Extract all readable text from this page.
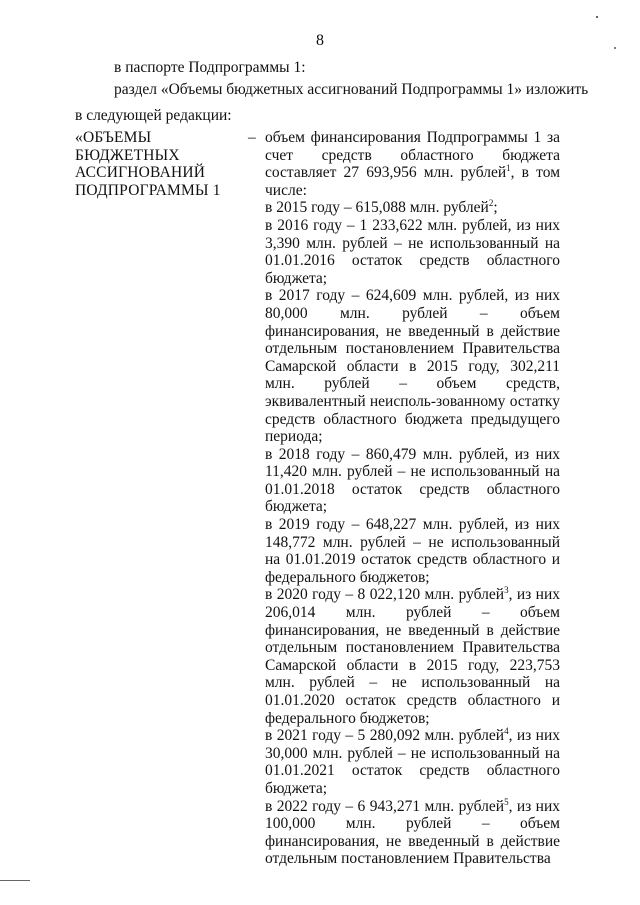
8
в паспорте Подпрограммы 1:
раздел «Объемы бюджетных ассигнований Подпрограммы 1» изложить
в следующей редакции:
«ОБЪЕМЫ БЮДЖЕТНЫХ АССИГНОВАНИЙ ПОДПРОГРАММЫ 1
– объем финансирования Подпрограммы 1 за счет средств областного бюджета составляет 27 693,956 млн. рублей$^1$, в том числе:

в 2015 году – 615,088 млн. рублей$^2$;

в 2016 году – 1 233,622 млн. рублей, из них 3,390 млн. рублей – не использованный на 01.01.2016 остаток средств областного бюджета;

в 2017 году – 624,609 млн. рублей, из них 80,000 млн. рублей – объем финансирования, не введенный в действие отдельным постановлением Правительства Самарской области в 2015 году, 302,211 млн. рублей – объем средств, эквивалентный неисполь-зованному остатку средств областного бюджета предыдущего периода;

в 2018 году – 860,479 млн. рублей, из них 11,420 млн. рублей – не использованный на 01.01.2018 остаток средств областного бюджета;

в 2019 году – 648,227 млн. рублей, из них 148,772 млн. рублей – не использованный на 01.01.2019 остаток средств областного и федерального бюджетов;

в 2020 году – 8 022,120 млн. рублей$^3$, из них 206,014 млн. рублей – объем финансирования, не введенный в действие отдельным постановлением Правительства Самарской области в 2015 году, 223,753 млн. рублей – не использованный на 01.01.2020 остаток средств областного и федерального бюджетов;

в 2021 году – 5 280,092 млн. рублей$^4$, из них 30,000 млн. рублей – не использованный на 01.01.2021 остаток средств областного бюджета;

в 2022 году – 6 943,271 млн. рублей$^5$, из них 100,000 млн. рублей – объем финансирования, не введенный в действие отдельным постановлением Правительства
